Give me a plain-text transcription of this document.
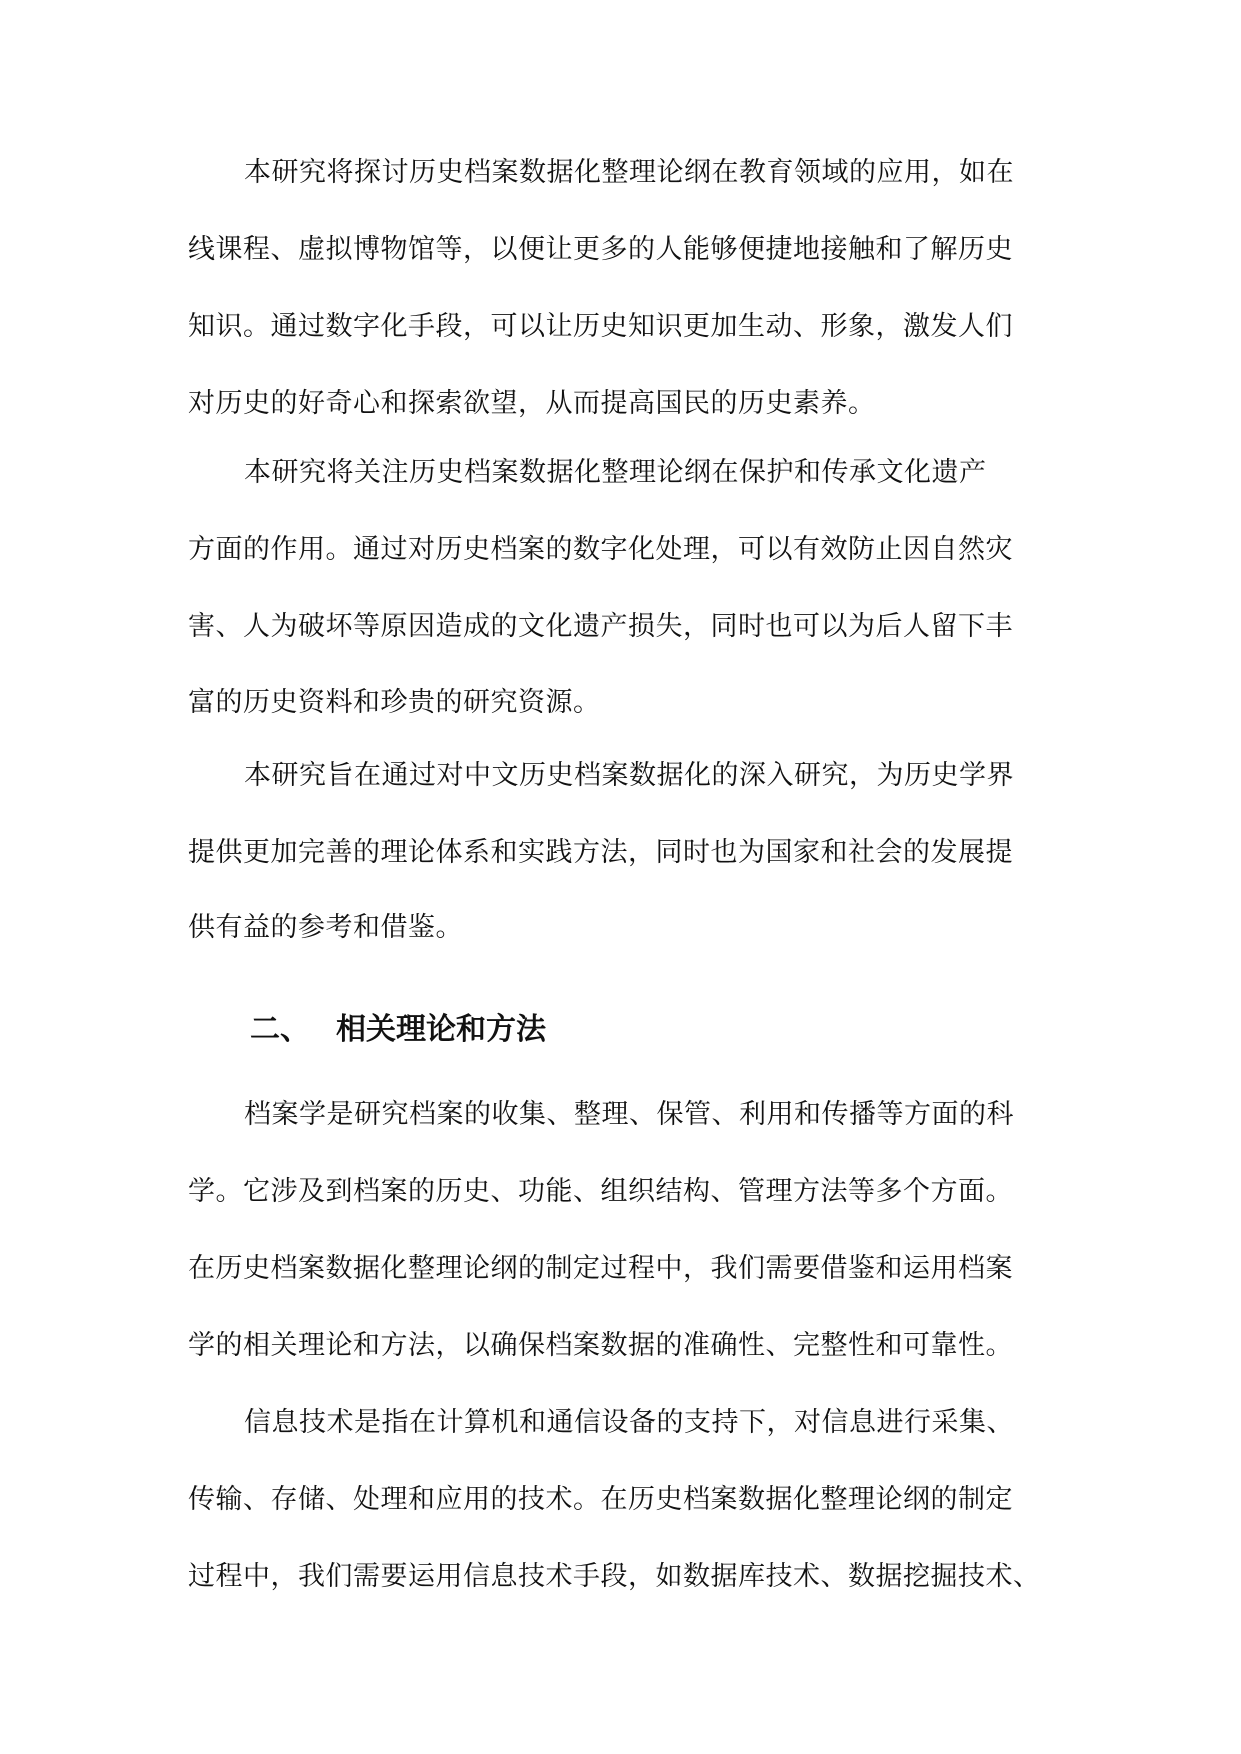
本研究将探讨历史档案数据化整理论纲在教育领域的应用，如在
线课程、虚拟博物馆等，以便让更多的人能够便捷地接触和了解历史
知识。通过数字化手段，可以让历史知识更加生动、形象，激发人们
对历史的好奇心和探索欲望，从而提高国民的历史素养。
本研究将关注历史档案数据化整理论纲在保护和传承文化遗产
方面的作用。通过对历史档案的数字化处理，可以有效防止因自然灾
害、人为破坏等原因造成的文化遗产损失，同时也可以为后人留下丰
富的历史资料和珍贵的研究资源。
本研究旨在通过对中文历史档案数据化的深入研究，为历史学界
提供更加完善的理论体系和实践方法，同时也为国家和社会的发展提
供有益的参考和借鉴。
二、 相关理论和方法
档案学是研究档案的收集、整理、保管、利用和传播等方面的科
学。它涉及到档案的历史、功能、组织结构、管理方法等多个方面。
在历史档案数据化整理论纲的制定过程中，我们需要借鉴和运用档案
学的相关理论和方法，以确保档案数据的准确性、完整性和可靠性。
信息技术是指在计算机和通信设备的支持下，对信息进行采集、
传输、存储、处理和应用的技术。在历史档案数据化整理论纲的制定
过程中，我们需要运用信息技术手段，如数据库技术、数据挖掘技术、
